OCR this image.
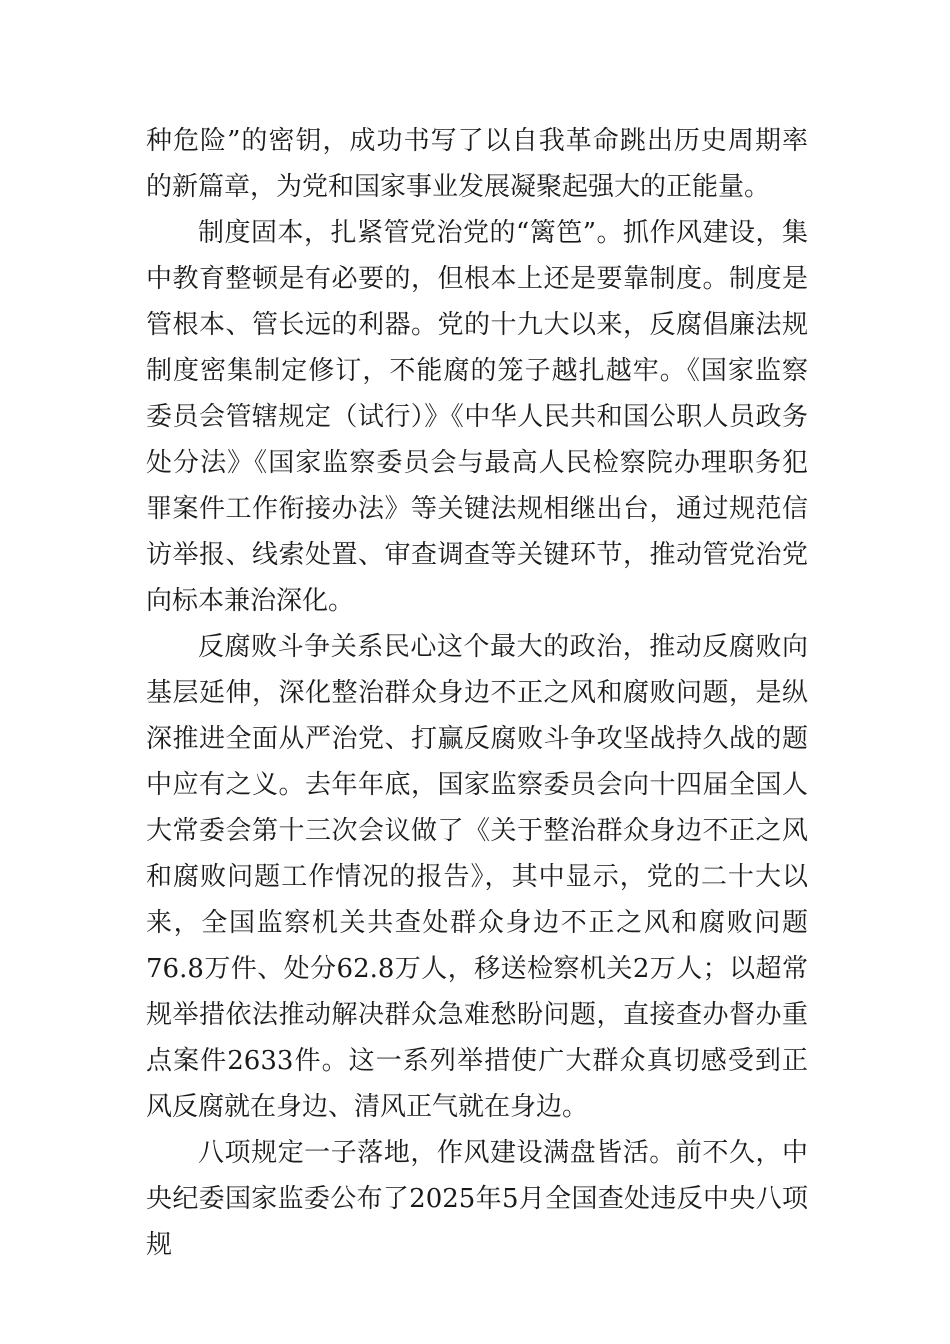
种危险”的密钥，成功书写了以自我革命跳出历史周期率的新篇章，为党和国家事业发展凝聚起强大的正能量。

制度固本，扎紧管党治党的“篱笆”。抓作风建设，集中教育整顿是有必要的，但根本上还是要靠制度。制度是管根本、管长远的利器。党的十九大以来，反腐倡廉法规制度密集制定修订，不能腐的笼子越扎越牢。《国家监察委员会管辖规定（试行）》《中华人民共和国公职人员政务处分法》《国家监察委员会与最高人民检察院办理职务犯罪案件工作衔接办法》等关键法规相继出台，通过规范信访举报、线索处置、审查调查等关键环节，推动管党治党向标本兼治深化。

反腐败斗争关系民心这个最大的政治，推动反腐败向基层延伸，深化整治群众身边不正之风和腐败问题，是纵深推进全面从严治党、打赢反腐败斗争攻坚战持久战的题中应有之义。去年年底，国家监察委员会向十四届全国人大常委会第十三次会议做了《关于整治群众身边不正之风和腐败问题工作情况的报告》，其中显示，党的二十大以来，全国监察机关共查处群众身边不正之风和腐败问题76.8万件、处分62.8万人，移送检察机关2万人；以超常规举措依法推动解决群众急难愁盼问题，直接查办督办重点案件2633件。这一系列举措使广大群众真切感受到正风反腐就在身边、清风正气就在身边。

八项规定一子落地，作风建设满盘皆活。前不久，中央纪委国家监委公布了2025年5月全国查处违反中央八项规
